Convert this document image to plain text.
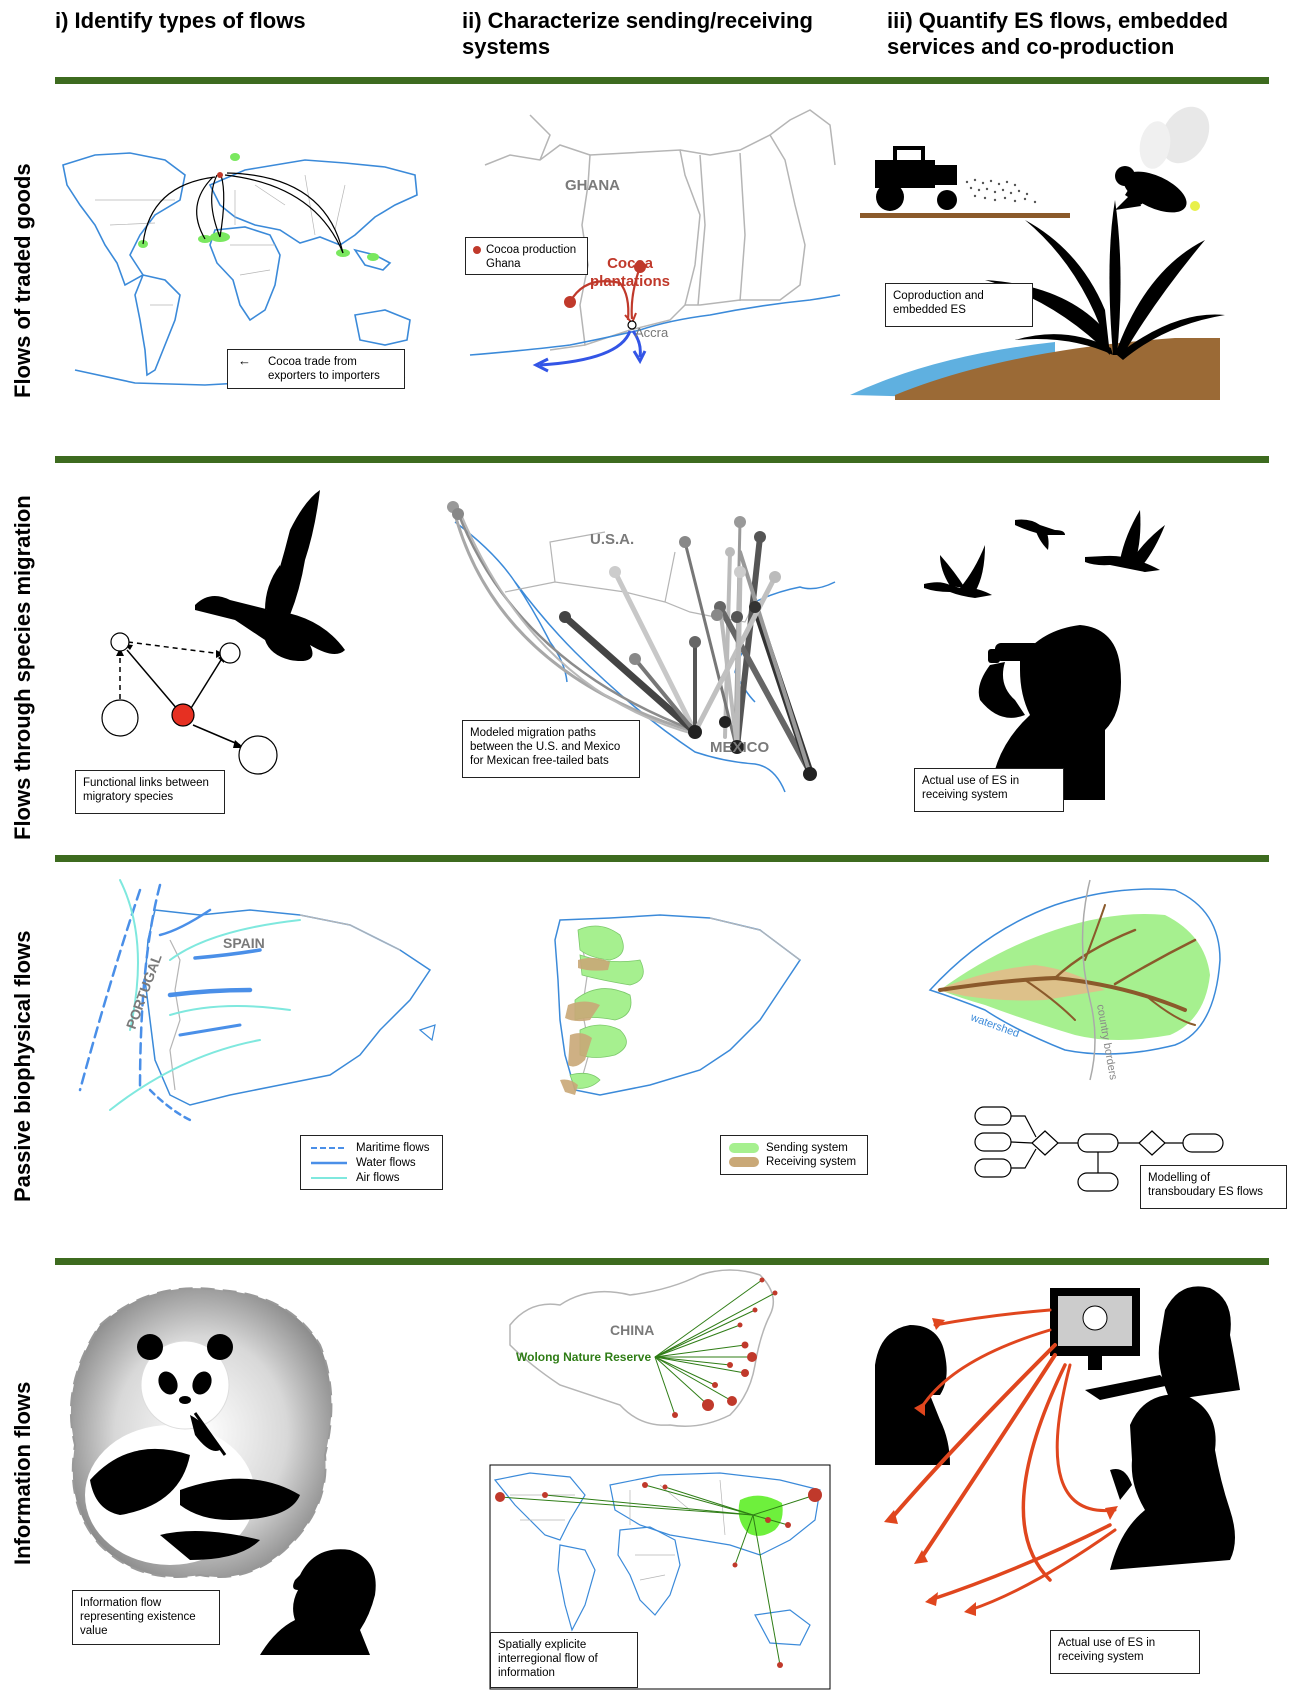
i) Identify types of flows	ii) Characterize sending/receiving systems
iii) Quantify ES flows, embedded services and co-production
Flows of traded goods
Flows through species migration
Passive biophysical flows
Information flows
← Cocoa trade from exporters to importers
GHANA
Accra
Cocoa plantations
Cocoa production Ghana
Coproduction and embedded ES
Functional links between migratory species
U.S.A.
MEXICO
Modeled migration paths between the U.S. and Mexico for Mexican free-tailed bats
Actual use of ES in receiving system
SPAIN
PORTUGAL
Maritime flows
Water flows
Air flows
Sending system
Receiving system
watershed	country borders
Modelling of transboudary ES flows
Information flow representing existence value
CHINA
Wolong Nature Reserve
Spatially explicite interregional flow of information
Actual use of ES in receiving system
